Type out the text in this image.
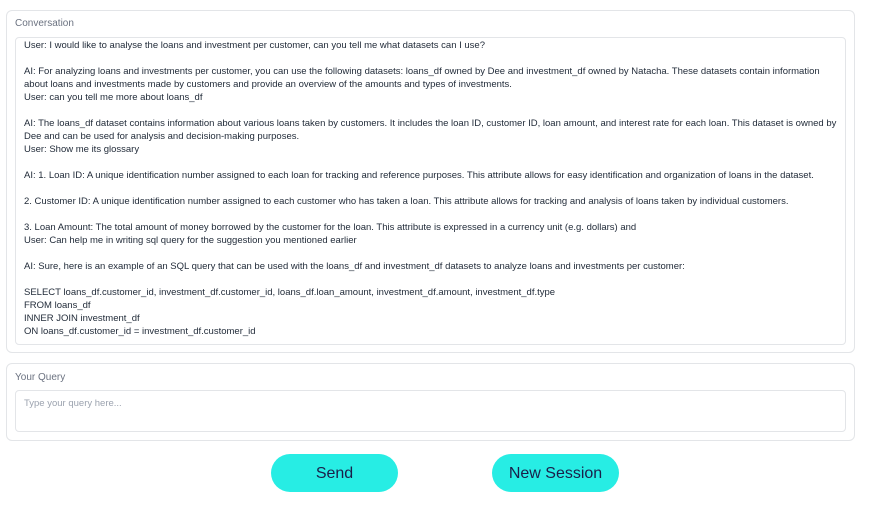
Conversation
User: I would like to analyse the loans and investment per customer, can you tell me what datasets can I use?
AI: For analyzing loans and investments per customer, you can use the following datasets: loans_df owned by Dee and investment_df owned by Natacha. These datasets contain information about loans and investments made by customers and provide an overview of the amounts and types of investments.
User: can you tell me more about loans_df
AI: The loans_df dataset contains information about various loans taken by customers. It includes the loan ID, customer ID, loan amount, and interest rate for each loan. This dataset is owned by Dee and can be used for analysis and decision-making purposes.
User: Show me its glossary
AI: 1. Loan ID: A unique identification number assigned to each loan for tracking and reference purposes. This attribute allows for easy identification and organization of loans in the dataset.
2. Customer ID: A unique identification number assigned to each customer who has taken a loan. This attribute allows for tracking and analysis of loans taken by individual customers.
3. Loan Amount: The total amount of money borrowed by the customer for the loan. This attribute is expressed in a currency unit (e.g. dollars) and
User: Can help me in writing sql query for the suggestion you mentioned earlier
AI: Sure, here is an example of an SQL query that can be used with the loans_df and investment_df datasets to analyze loans and investments per customer:
SELECT loans_df.customer_id, investment_df.customer_id, loans_df.loan_amount, investment_df.amount, investment_df.type
FROM loans_df
INNER JOIN investment_df
ON loans_df.customer_id = investment_df.customer_id
Your Query
Type your query here...
Send	New Session
